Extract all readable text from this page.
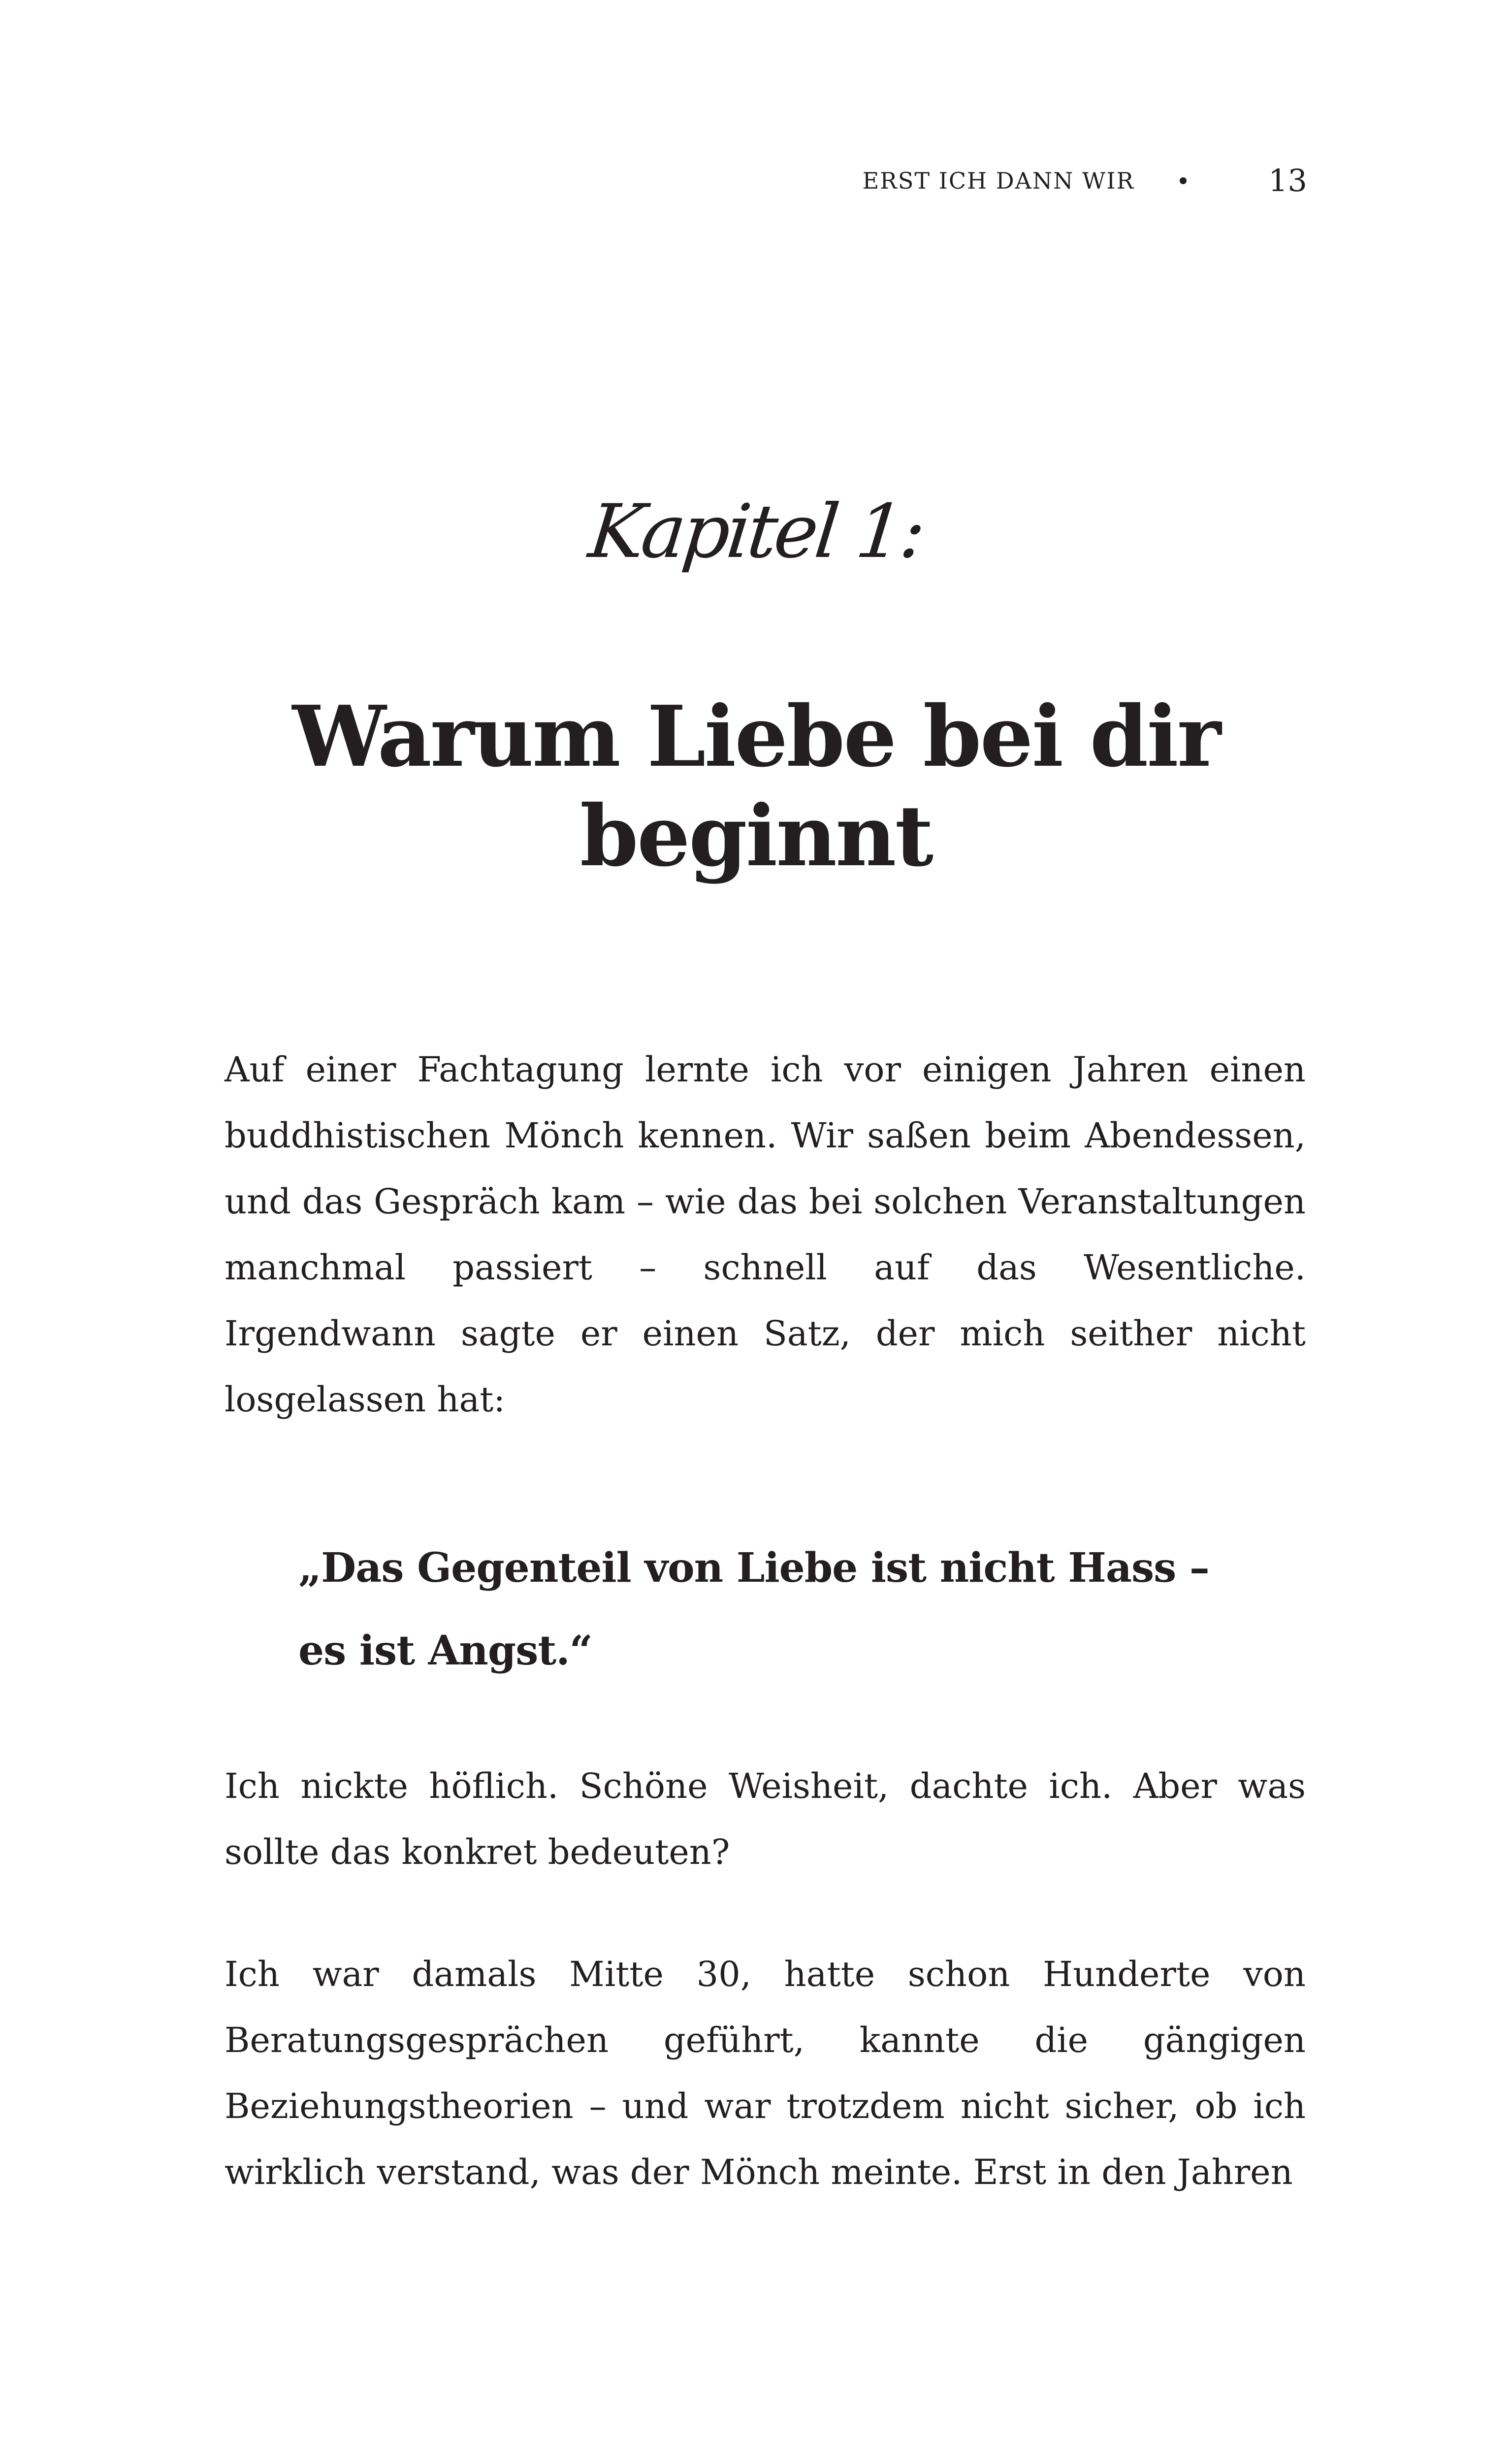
ERST ICH DANN WIR	13
Kapitel 1:
Warum Liebe bei dir
beginnt

Auf einer Fachtagung lernte ich vor einigen Jahren einen buddhistischen Mönch kennen. Wir saßen beim Abendessen, und das Gespräch kam – wie das bei solchen Veranstaltungen manchmal passiert – schnell auf das Wesentliche. Irgendwann sagte er einen Satz, der mich seither nicht losgelassen hat:

„Das Gegenteil von Liebe ist nicht Hass –
es ist Angst.“

Ich nickte höflich. Schöne Weisheit, dachte ich. Aber was sollte das konkret bedeuten?

Ich war damals Mitte 30, hatte schon Hunderte von Beratungsgesprächen geführt, kannte die gängigen Beziehungstheorien – und war trotzdem nicht sicher, ob ich wirklich verstand, was der Mönch meinte. Erst in den Jahren
